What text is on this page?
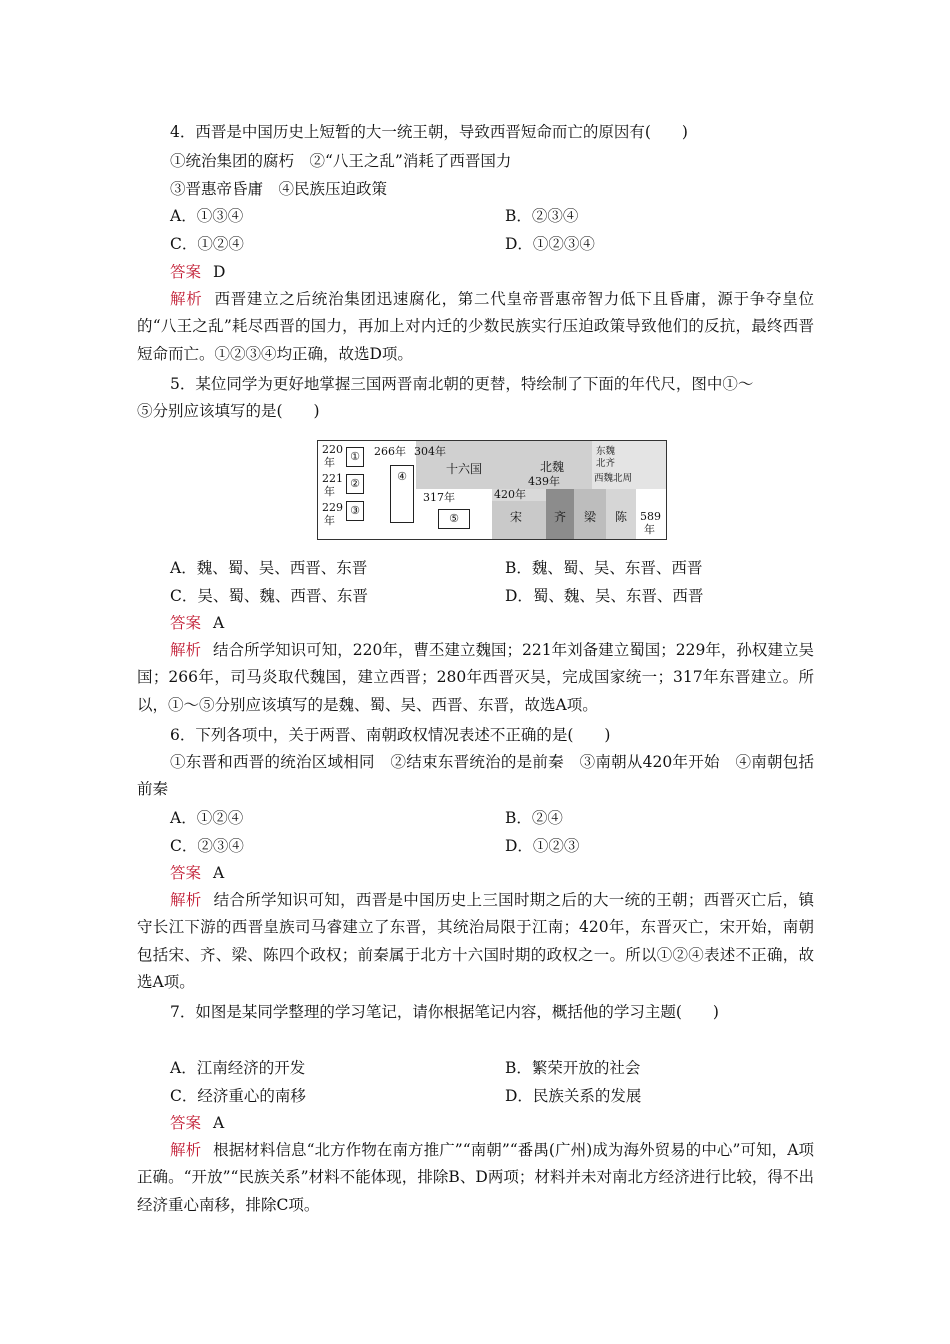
4．西晋是中国历史上短暂的大一统王朝，导致西晋短命而亡的原因有(　　)
①统治集团的腐朽　②“八王之乱”消耗了西晋国力
③晋惠帝昏庸　④民族压迫政策
A．①③④	B．②③④
C．①②④	D．①②③④
答案 D
解析 西晋建立之后统治集团迅速腐化，第二代皇帝晋惠帝智力低下且昏庸，源于争夺皇位的“八王之乱”耗尽西晋的国力，再加上对内迁的少数民族实行压迫政策导致他们的反抗，最终西晋短命而亡。①②③④均正确，故选D项。
5．某位同学为更好地掌握三国两晋南北朝的更替，特绘制了下面的年代尺，图中①～
⑤分别应该填写的是(　　)
220
年
221
年
229
年
①
②
③
266年
④
304年
十六国	北魏
439年
317年
⑤
420年
宋	齐 梁 陈
东魏
北齐
西魏北周
589
年
A．魏、蜀、吴、西晋、东晋	B．魏、蜀、吴、东晋、西晋
C．吴、蜀、魏、西晋、东晋	D．蜀、魏、吴、东晋、西晋
答案 A
解析 结合所学知识可知，220年，曹丕建立魏国；221年刘备建立蜀国；229年，孙权建立吴国；266年，司马炎取代魏国，建立西晋；280年西晋灭吴，完成国家统一；317年东晋建立。所以，①～⑤分别应该填写的是魏、蜀、吴、西晋、东晋，故选A项。
6．下列各项中，关于两晋、南朝政权情况表述不正确的是(　　)
①东晋和西晋的统治区域相同　②结束东晋统治的是前秦　③南朝从420年开始　④南朝包括前秦
A．①②④	B．②④
C．②③④	D．①②③
答案 A
解析 结合所学知识可知，西晋是中国历史上三国时期之后的大一统的王朝；西晋灭亡后，镇守长江下游的西晋皇族司马睿建立了东晋，其统治局限于江南；420年，东晋灭亡，宋开始，南朝包括宋、齐、梁、陈四个政权；前秦属于北方十六国时期的政权之一。所以①②④表述不正确，故选A项。
7．如图是某同学整理的学习笔记，请你根据笔记内容，概括他的学习主题(　　)
A．江南经济的开发	B．繁荣开放的社会
C．经济重心的南移	D．民族关系的发展
答案 A
解析 根据材料信息“北方作物在南方推广”“南朝”“番禺(广州)成为海外贸易的中心”可知，A项正确。“开放”“民族关系”材料不能体现，排除B、D两项；材料并未对南北方经济进行比较，得不出经济重心南移，排除C项。
